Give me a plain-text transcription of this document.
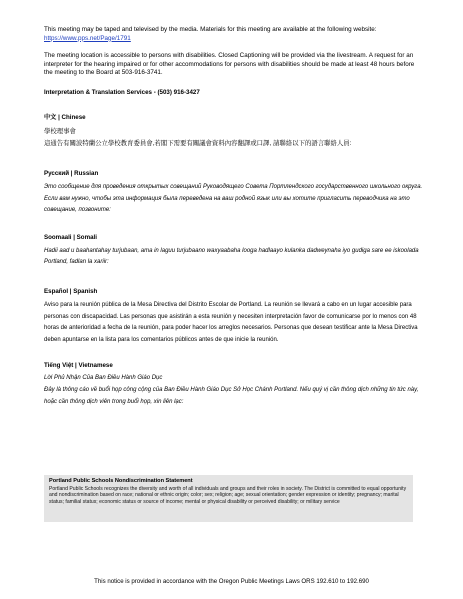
This meeting may be taped and televised by the media. Materials for this meeting are available at the following website:  https://www.pps.net/Page/1791

The meeting location is accessible to persons with disabilities. Closed Captioning will be provided via the livestream. A request for an interpreter for the hearing impaired or for other accommodations for persons with disabilities should be made at least 48 hours before the meeting to the Board at 503-916-3741.

Interpretation & Translation Services - (503) 916-3427

中文 | Chinese

學校理事會

這通告有關波特蘭公立學校教育委員會,若閣下需要有關議會資料內容翻譯或口譯, 請聯絡以下的語言聯絡人員:

Русский | Russian

Это сообщение для проведения открытых совещаний Руководящего Совета Портлендского государственного школьного округа. Если вам нужно, чтобы эта информация была переведена на ваш родной язык или вы хотите пригласить переводчика на это совещание, позвоните:

Soomaali | Somali

Hadii aad u baahantahay turjubaan, ama in laguu turjubaano waxyaabaha looga hadlaayo kulanka dadweynaha iyo gudiga sare ee iskoolada Portland, fadlan la xariir:

Español | Spanish

Aviso para la reunión pública de la Mesa Directiva del Distrito Escolar de Portland. La reunión se llevará a cabo en un lugar accesible para personas con discapacidad. Las personas que asistirán a esta reunión y necesiten interpretación favor de comunicarse por lo menos con 48 horas de anterioridad a fecha de la reunión, para poder hacer los arreglos necesarios. Personas que desean testificar ante la Mesa Directiva deben apuntarse en la lista para los comentarios públicos antes de que inicie la reunión.

Tiếng Việt | Vietnamese

Lời Phủ Nhận Của Ban Điều Hành Giáo Dục

Đây là thông cáo về buổi họp công cộng của Ban Điều Hành Giáo Dục Sở Học Chánh Portland. Nếu quý vị cần thông dịch những tin tức này, hoặc cần thông dịch viên trong buổi họp, xin liên lạc:

Portland Public Schools Nondiscrimination Statement

Portland Public Schools recognizes the diversity and worth of all individuals and groups and their roles in society. The District is committed to equal opportunity and nondiscrimination based on race; national or ethnic origin; color; sex; religion; age; sexual orientation; gender expression or identity; pregnancy; marital status; familial status; economic status or source of income; mental or physical disability or perceived disability; or military service

This notice is provided in accordance with the Oregon Public Meetings Laws ORS 192.610 to 192.690
